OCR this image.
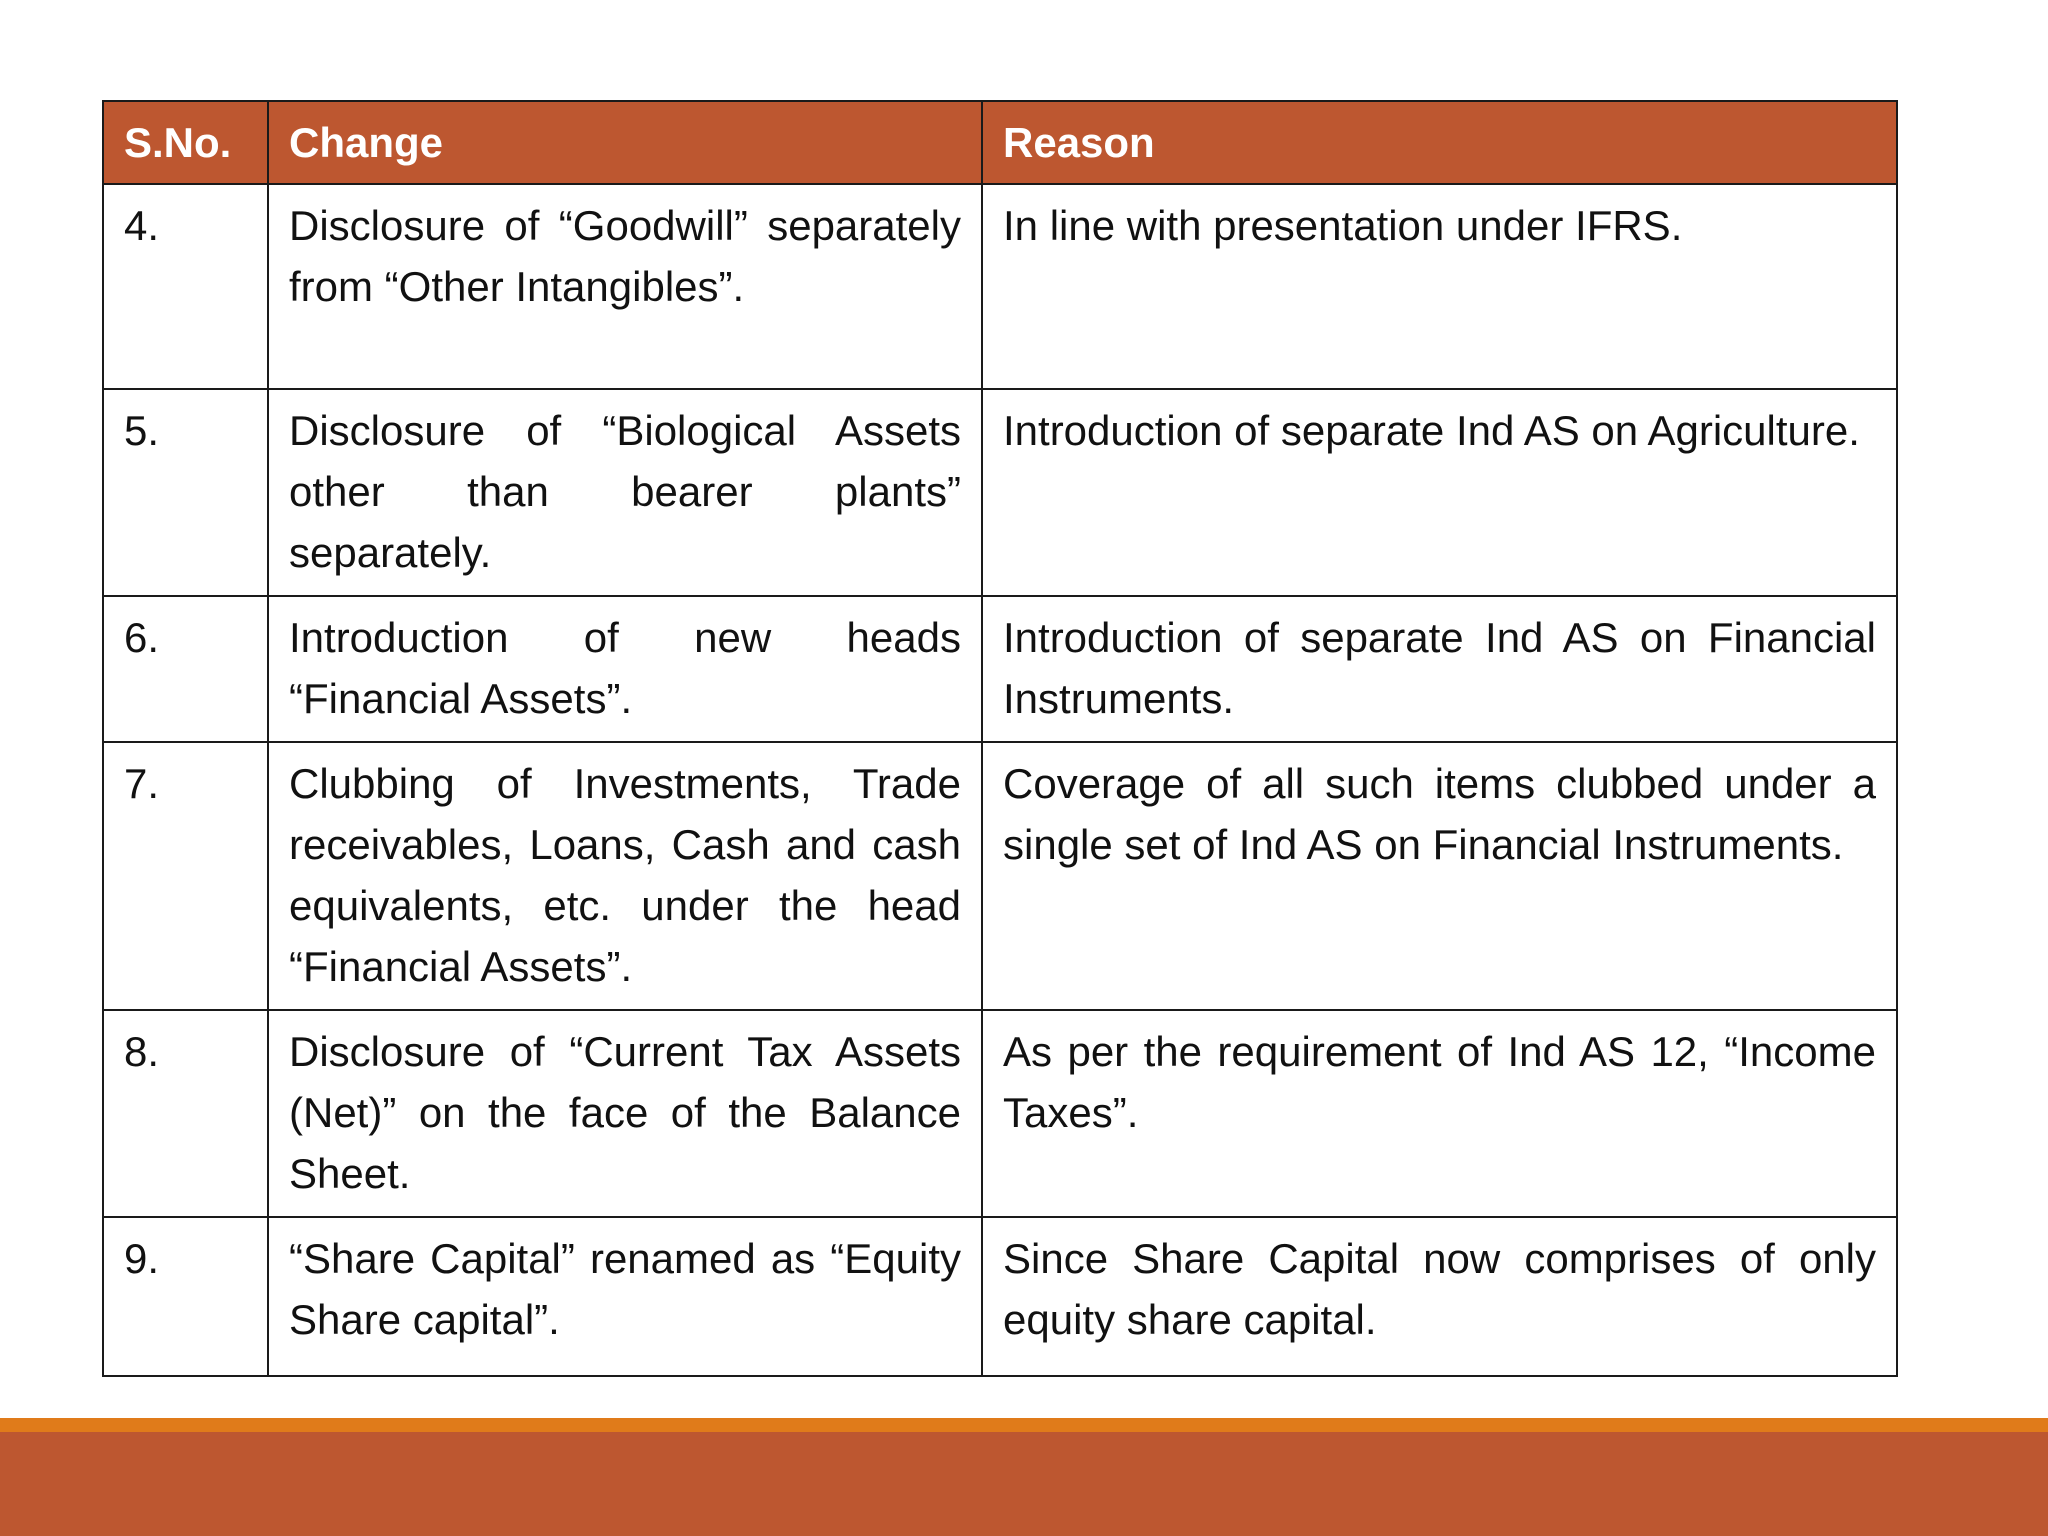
S.No.	Change	Reason
4.	Disclosure of “Goodwill” separately from “Other Intangibles”.	In line with presentation under IFRS.
5.	Disclosure of “Biological Assets other than bearer plants” separately.	Introduction of separate Ind AS on Agriculture.
6.	Introduction of new heads “Financial Assets”.	Introduction of separate Ind AS on Financial Instruments.
7.	Clubbing of Investments, Trade receivables, Loans, Cash and cash equivalents, etc. under the head “Financial Assets”.	Coverage of all such items clubbed under a single set of Ind AS on Financial Instruments.
8.	Disclosure of “Current Tax Assets (Net)” on the face of the Balance Sheet.	As per the requirement of Ind AS 12, “Income Taxes”.
9.	“Share Capital” renamed as “Equity Share capital”.	Since Share Capital now comprises of only equity share capital.
